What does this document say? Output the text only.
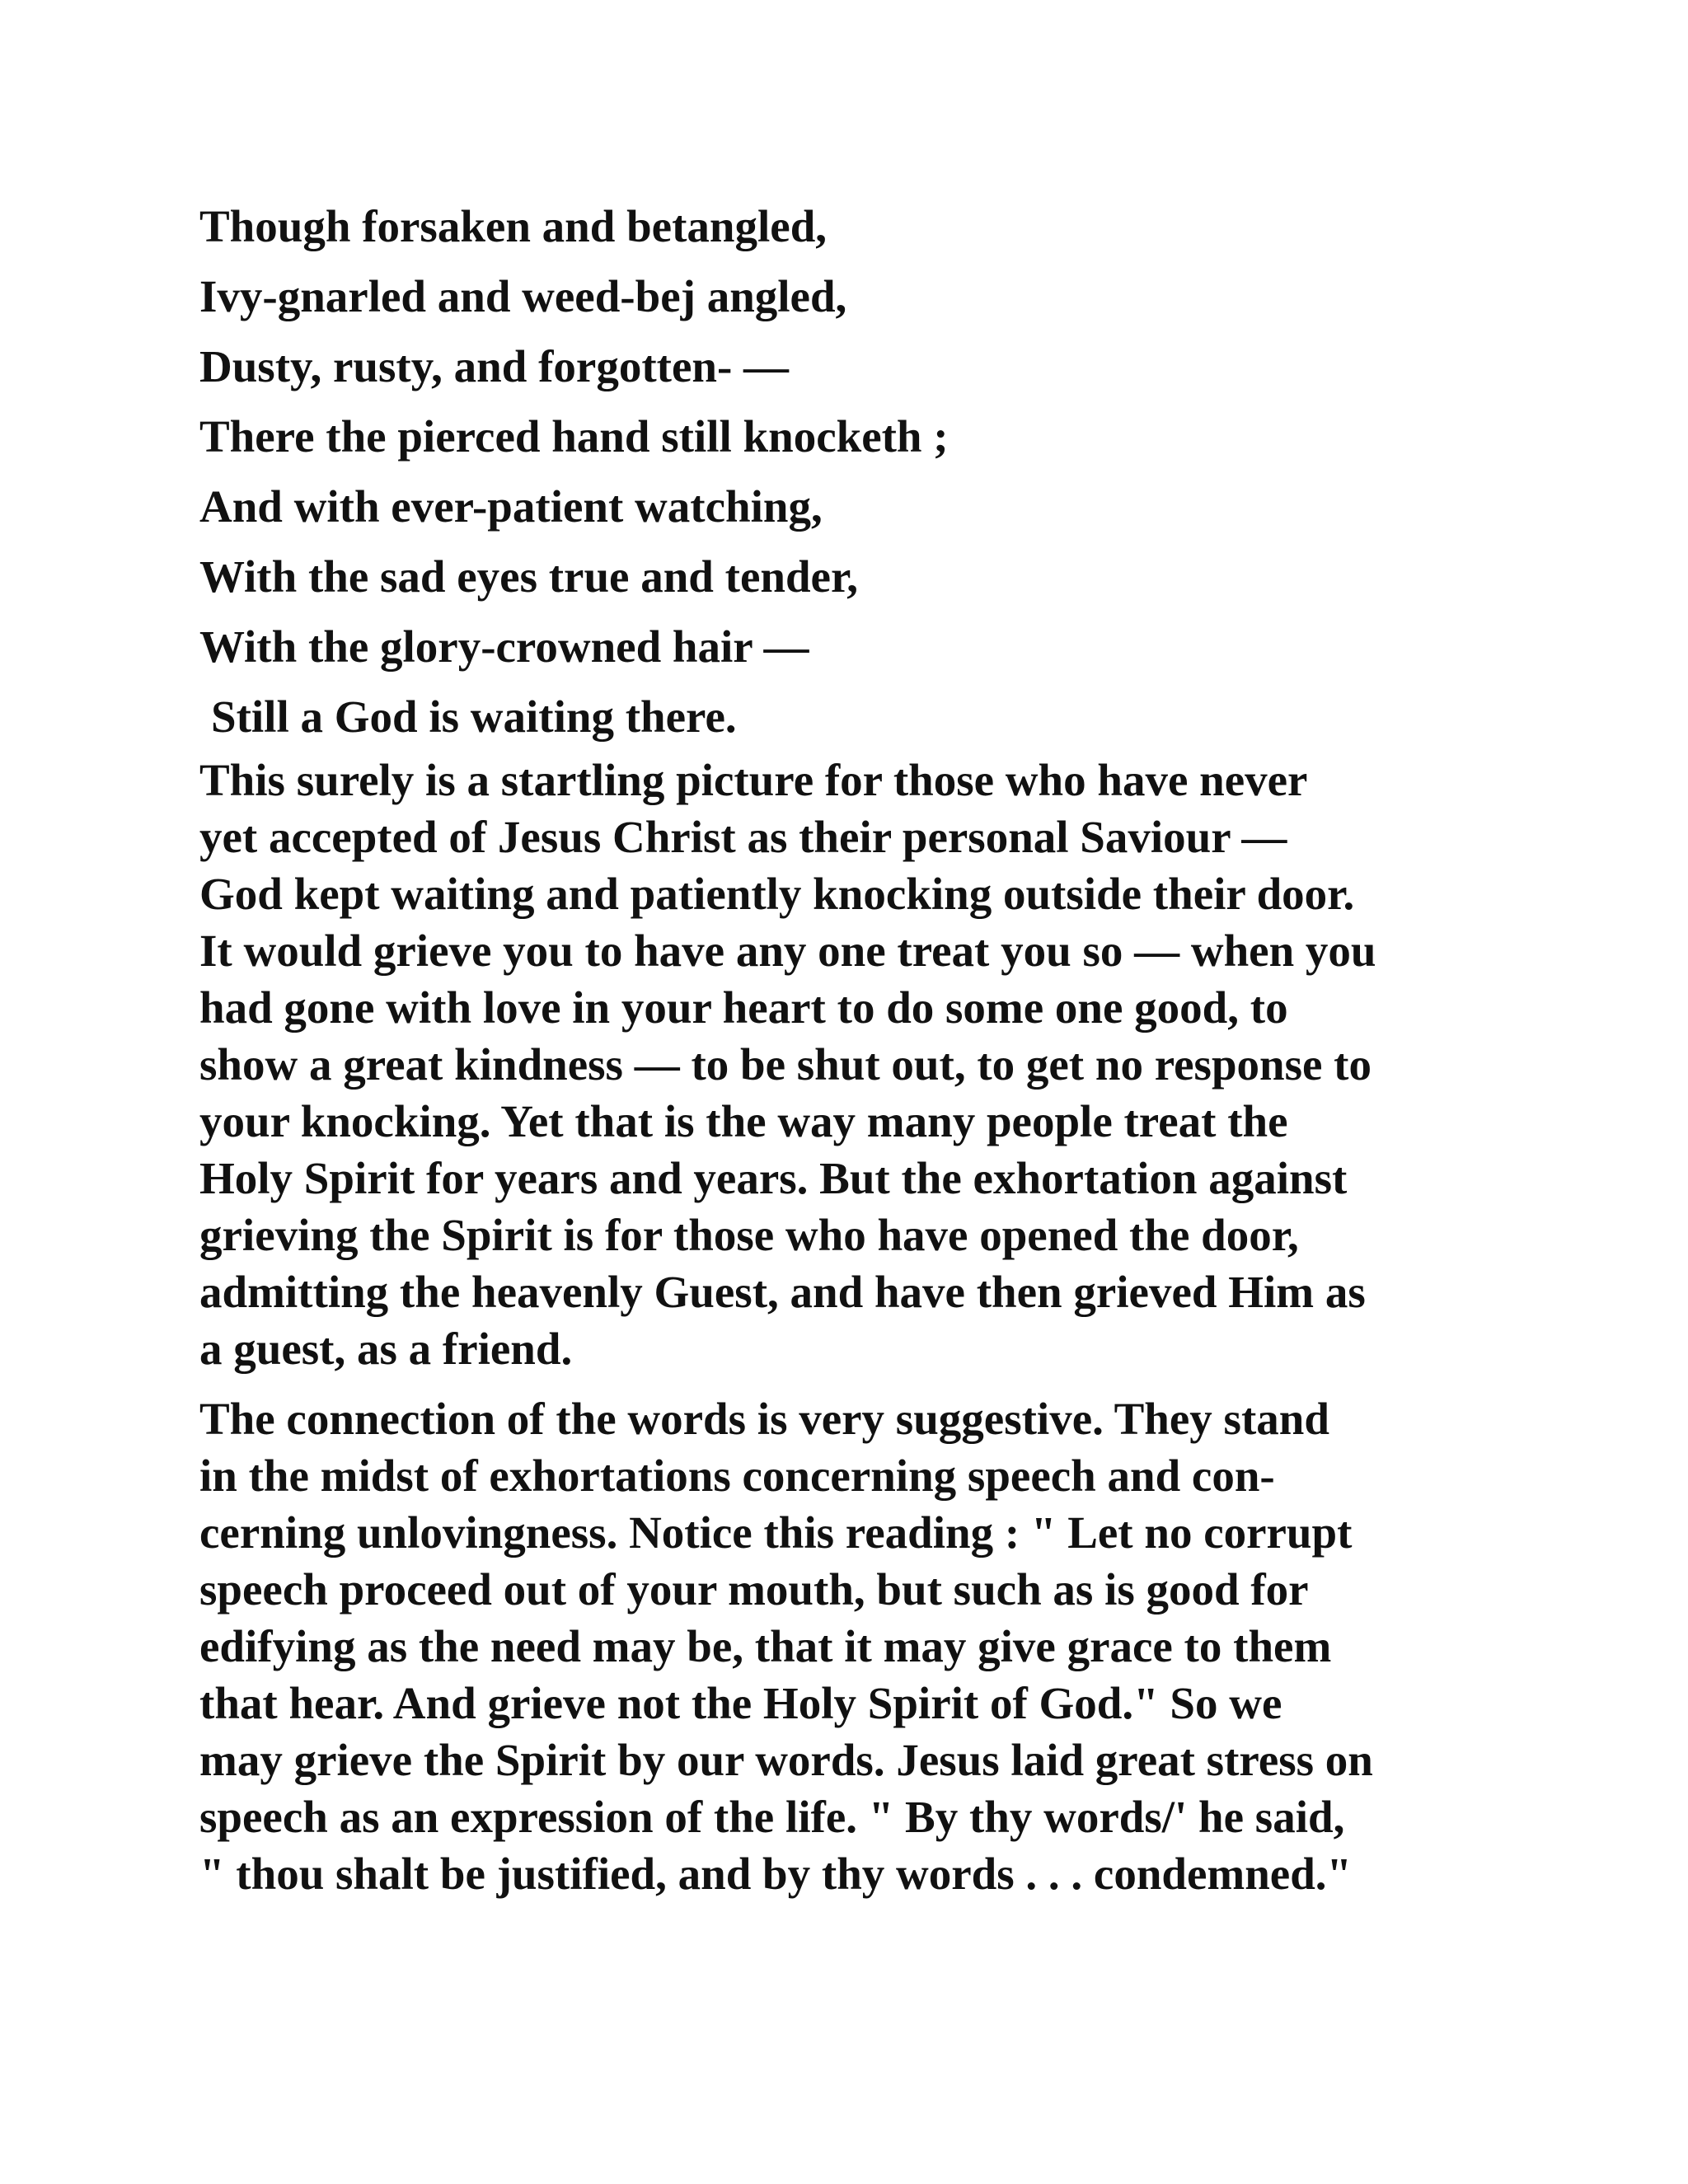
Though forsaken and betangled,
Ivy-gnarled and weed-bej angled,
Dusty, rusty, and forgotten- —
There the pierced hand still knocketh ;
And with ever-patient watching,
With the sad eyes true and tender,
With the glory-crowned hair —
Still a God is waiting there.
This surely is a startling picture for those who have never
yet accepted of Jesus Christ as their personal Saviour —
God kept waiting and patiently knocking outside their door.
It would grieve you to have any one treat you so — when you
had gone with love in your heart to do some one good, to
show a great kindness — to be shut out, to get no response to
your knocking. Yet that is the way many people treat the
Holy Spirit for years and years. But the exhortation against
grieving the Spirit is for those who have opened the door,
admitting the heavenly Guest, and have then grieved Him as
a guest, as a friend.
The connection of the words is very suggestive. They stand
in the midst of exhortations concerning speech and con-
cerning unlovingness. Notice this reading : " Let no corrupt
speech proceed out of your mouth, but such as is good for
edifying as the need may be, that it may give grace to them
that hear. And grieve not the Holy Spirit of God." So we
may grieve the Spirit by our words. Jesus laid great stress on
speech as an expression of the life. " By thy words/' he said,
" thou shalt be justified, and by thy words . . . condemned."
